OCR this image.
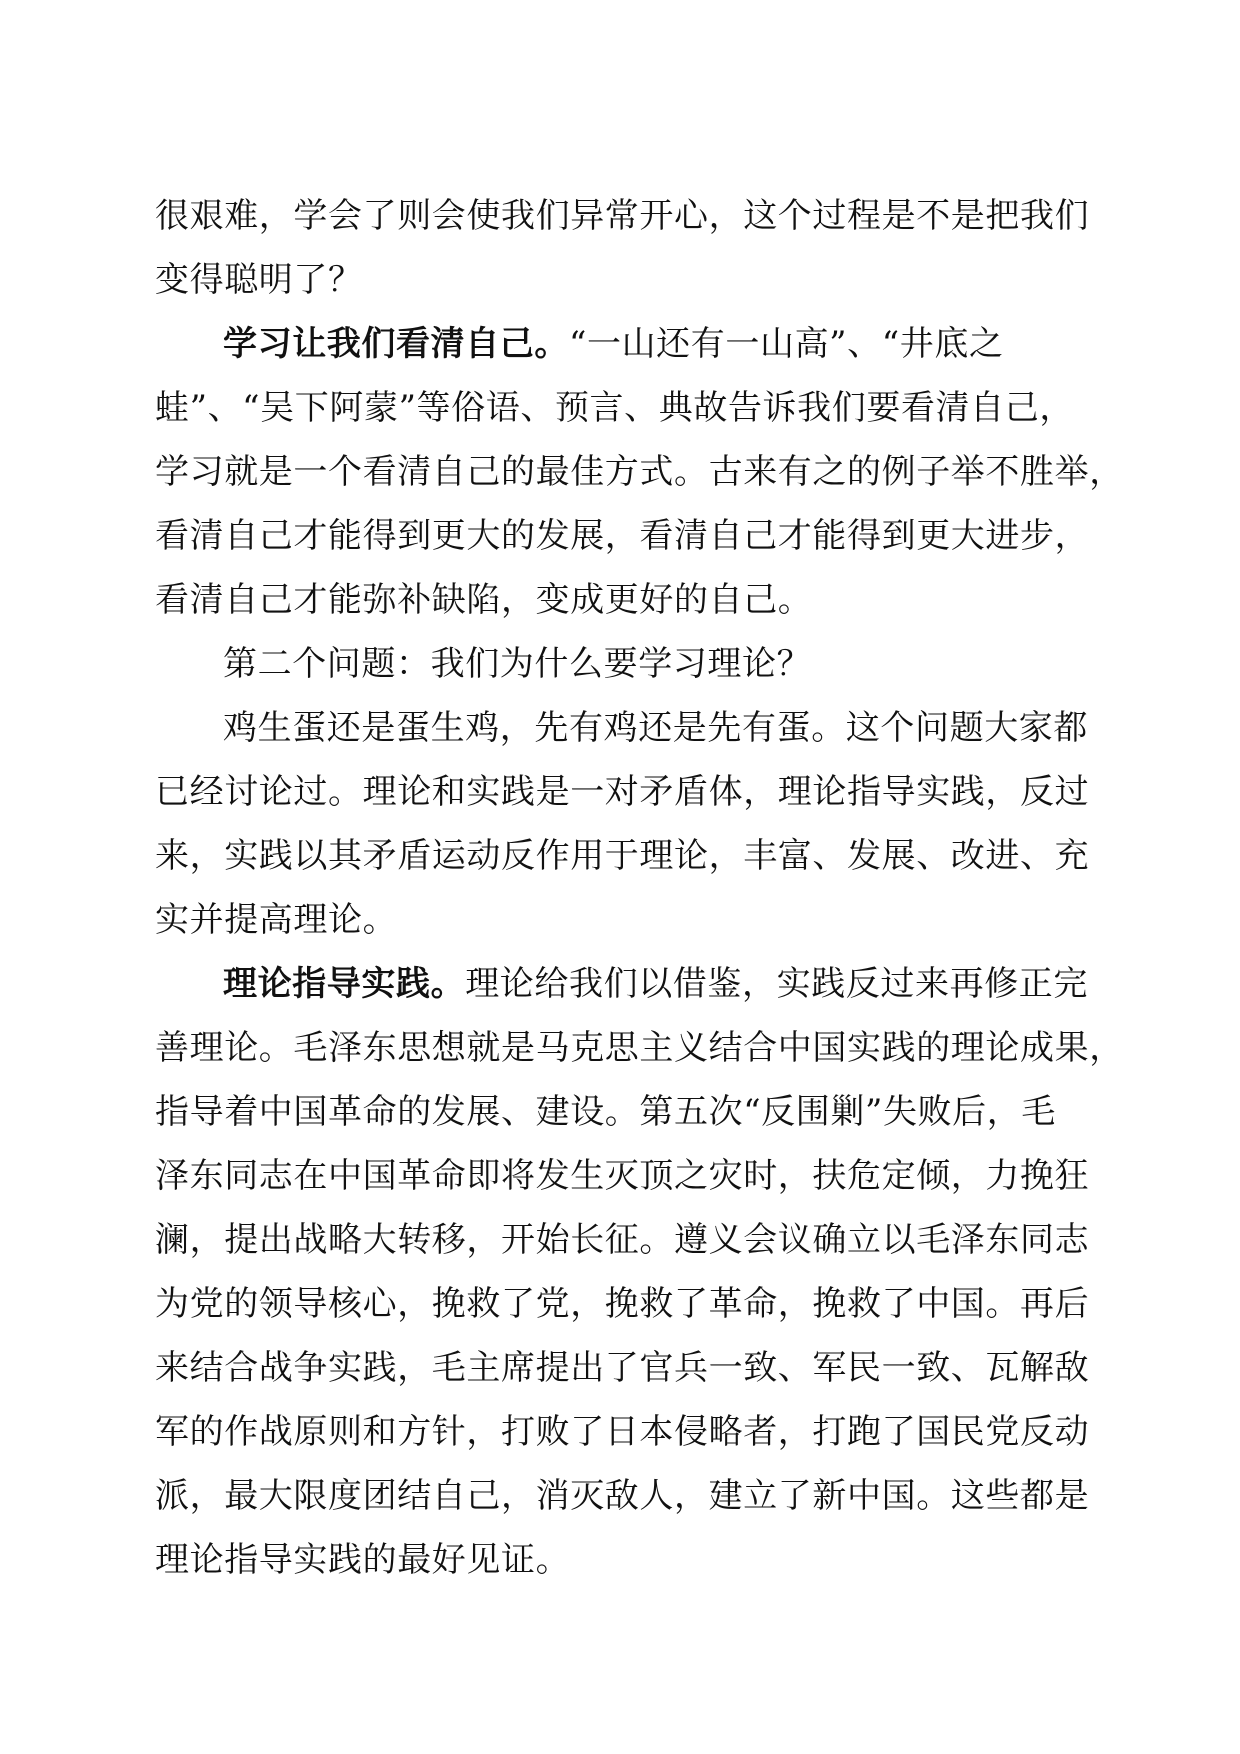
很艰难，学会了则会使我们异常开心，这个过程是不是把我们
变得聪明了？
学习让我们看清自己。“一山还有一山高”、“井底之
蛙”、“吴下阿蒙”等俗语、预言、典故告诉我们要看清自己，
学习就是一个看清自己的最佳方式。古来有之的例子举不胜举，
看清自己才能得到更大的发展，看清自己才能得到更大进步，
看清自己才能弥补缺陷，变成更好的自己。
第二个问题：我们为什么要学习理论？
鸡生蛋还是蛋生鸡，先有鸡还是先有蛋。这个问题大家都
已经讨论过。理论和实践是一对矛盾体，理论指导实践，反过
来，实践以其矛盾运动反作用于理论，丰富、发展、改进、充
实并提高理论。
理论指导实践。理论给我们以借鉴，实践反过来再修正完
善理论。毛泽东思想就是马克思主义结合中国实践的理论成果，
指导着中国革命的发展、建设。第五次“反围剿”失败后，毛
泽东同志在中国革命即将发生灭顶之灾时，扶危定倾，力挽狂
澜，提出战略大转移，开始长征。遵义会议确立以毛泽东同志
为党的领导核心，挽救了党，挽救了革命，挽救了中国。再后
来结合战争实践，毛主席提出了官兵一致、军民一致、瓦解敌
军的作战原则和方针，打败了日本侵略者，打跑了国民党反动
派，最大限度团结自己，消灭敌人，建立了新中国。这些都是
理论指导实践的最好见证。
